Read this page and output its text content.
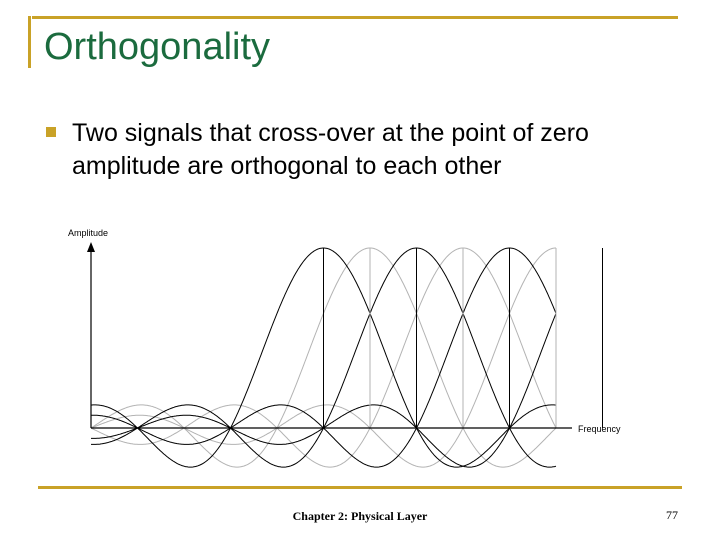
Orthogonality
Two signals that cross-over at the point of zero amplitude are orthogonal to each other
Amplitude
Frequency
Chapter 2: Physical Layer	77
